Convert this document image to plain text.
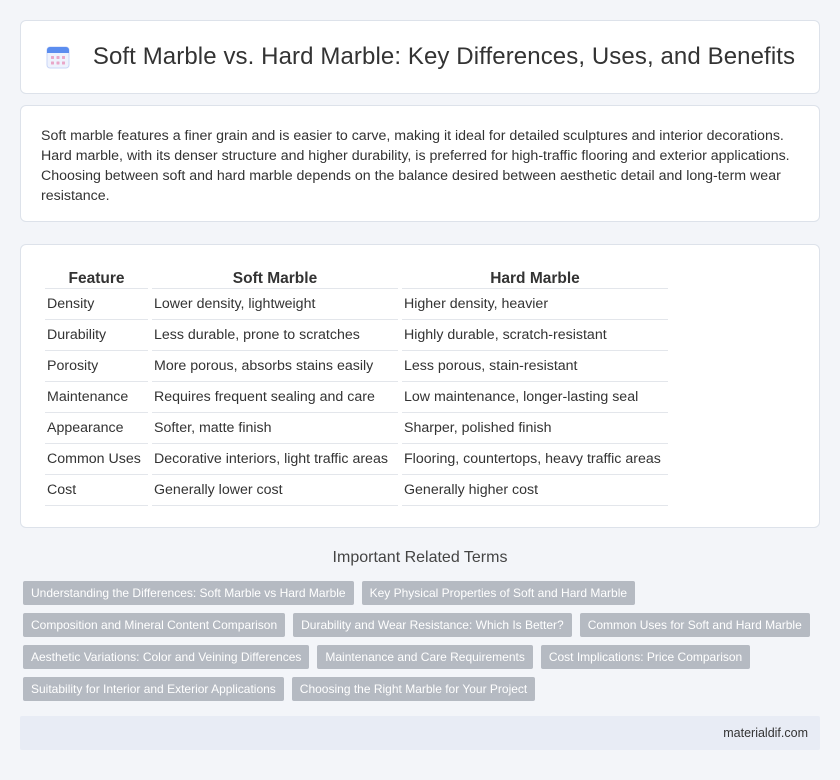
Soft Marble vs. Hard Marble: Key Differences, Uses, and Benefits

Soft marble features a finer grain and is easier to carve, making it ideal for detailed sculptures and interior decorations. Hard marble, with its denser structure and higher durability, is preferred for high-traffic flooring and exterior applications. Choosing between soft and hard marble depends on the balance desired between aesthetic detail and long-term wear resistance.

Feature	Soft Marble	Hard Marble
Density	Lower density, lightweight	Higher density, heavier
Durability	Less durable, prone to scratches	Highly durable, scratch-resistant
Porosity	More porous, absorbs stains easily	Less porous, stain-resistant
Maintenance	Requires frequent sealing and care	Low maintenance, longer-lasting seal
Appearance	Softer, matte finish	Sharper, polished finish
Common Uses	Decorative interiors, light traffic areas	Flooring, countertops, heavy traffic areas
Cost	Generally lower cost	Generally higher cost
Important Related Terms
Understanding the Differences: Soft Marble vs Hard Marble	Key Physical Properties of Soft and Hard Marble
Composition and Mineral Content Comparison	Durability and Wear Resistance: Which Is Better?	Common Uses for Soft and Hard Marble
Aesthetic Variations: Color and Veining Differences	Maintenance and Care Requirements	Cost Implications: Price Comparison
Suitability for Interior and Exterior Applications	Choosing the Right Marble for Your Project
materialdif.com
